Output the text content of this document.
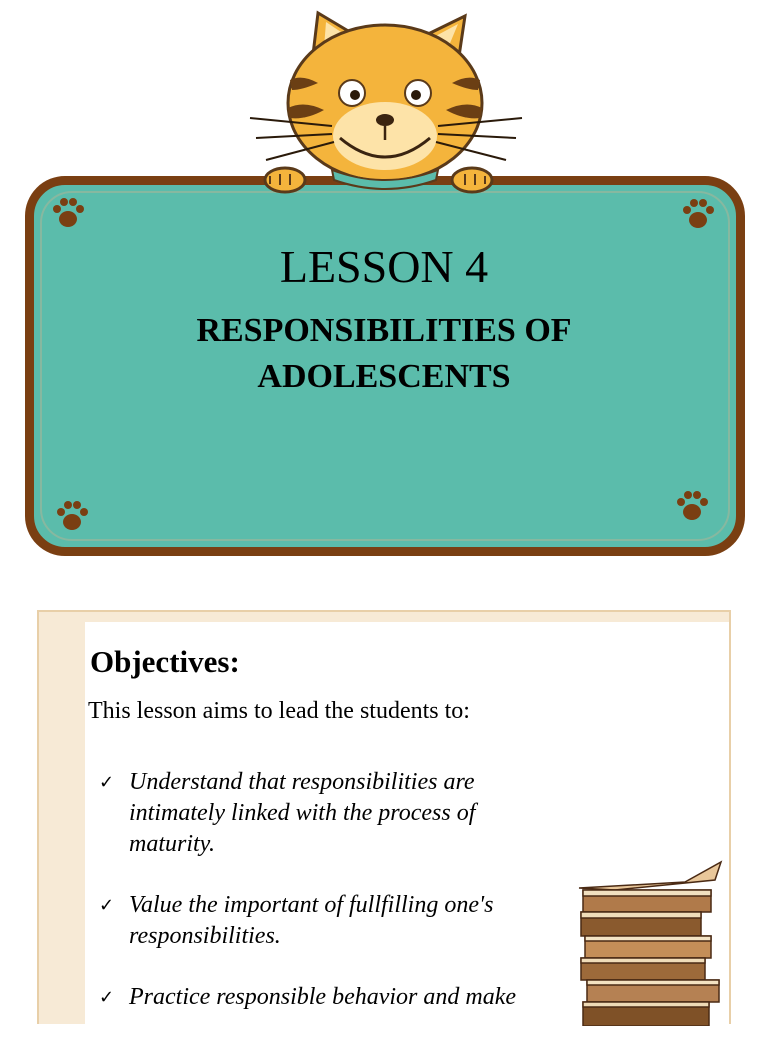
LESSON 4
RESPONSIBILITIES OF
ADOLESCENTS
Objectives:
This lesson aims to lead the students to:
✓ Understand that responsibilities are intimately linked with the process of maturity.
✓ Value the important of fullfilling one's responsibilities.
✓ Practice responsible behavior and make
